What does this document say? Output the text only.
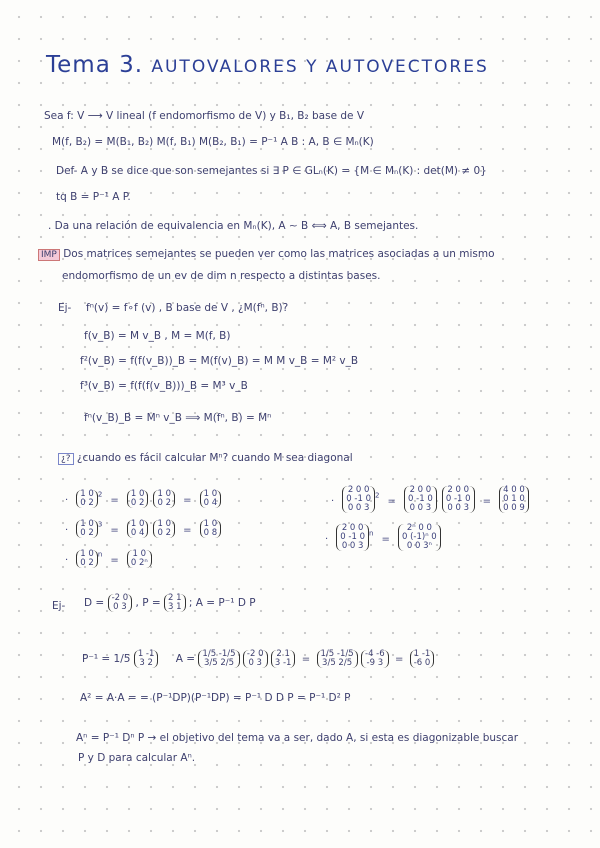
Tema 3. AUTOVALORES Y AUTOVECTORES
Sea f: V ⟶ V lineal (f endomorfismo de V) y B₁, B₂ base de V
M(f, B₂) = M(B₁, B₂) M(f, B₁) M(B₂, B₁) = P⁻¹ A B : A, B ∈ Mₙ(K)
Def- A y B se dice que son semejantes si ∃ P ∈ GLₙ(K) = {M ∈ Mₙ(K) : det(M) ≠ 0}
tq B = P⁻¹ A P.
. Da una relación de equivalencia en Mₙ(K), A ∼ B ⟺ A, B semejantes.
IMP Dos matrices semejantes se pueden ver como las matrices asociadas a un mismo
endomorfismo de un ev de dim n respecto a distintas bases.
Ej- fⁿ(v) = f∘f (v) , B base de V , ¿M(fⁿ, B)?
f(v_B) = M v_B , M = M(f, B)
f²(v_B) = f(f(v_B))_B = M(f(v)_B) = M M v_B = M² v_B
f³(v_B) = f(f(f(v_B)))_B = M³ v_B
fⁿ(v_B)_B = Mⁿ v_B ⟹ M(fⁿ, B) = Mⁿ
¿? ¿cuando es fácil calcular Mⁿ? cuando M sea diagonal
·
1 0
0 2
$^2$ =
1 0
0 2

1 0
0 2 =
1 0
0 4
·
1 0
0 2
$^3$ =
1 0
0 4

1 0
0 2 =
1 0
0 8
·
1 0
0 2
$^n$ =
1 0
0 2ⁿ
·
2 0 0
0 -1 0
0 0 3
$^2$ =
2 0 0
0 -1 0
0 0 3

2 0 0
0 -1 0
0 0 3
=
4 0 0
0 1 0
0 0 9
·
2 0 0
0 -1 0
0 0 3
$^n$ =
2ⁿ 0 0
0 (-1)ⁿ 0
0 0 3ⁿ
Ej- D = -2 0
0 3 , P = 2 1
3 1 ; A = P⁻¹ D P
P⁻¹ = 1/5 1 -1
3 2 A = 1/5 -1/5
3/5 2/5

-2 0
0 3

2 1
3 -1 = 1/5 -1/5
3/5 2/5

-4 -6
-9 3 = 1 -1
-6 0
A² = A·A = = (P⁻¹DP)(P⁻¹DP) = P⁻¹ D D P = P⁻¹ D² P
Aⁿ = P⁻¹ Dⁿ P → el objetivo del tema va a ser, dado A, si esta es diagonizable buscar
P y D para calcular Aⁿ.
